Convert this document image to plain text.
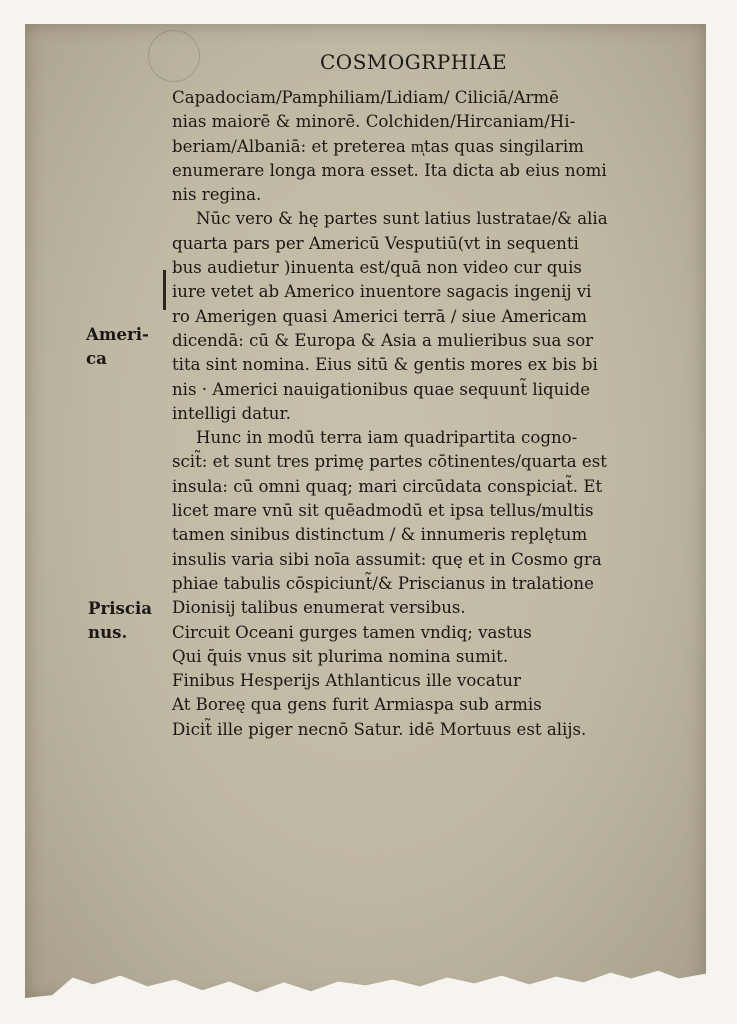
COSMOGRPHIAE
Ameri-
ca
Priscia
nus.
Capadociam/Pamphiliam/Lidiam/ Ciliciā/Armē
nias maiorē & minorē. Colchiden/Hircaniam/Hi-
beriam/Albaniā: et preterea mͅtas quas singilarim
enumerare longa mora esset. Ita dicta ab eius nomi
nis regina.
Nūc vero & hę partes sunt latius lustratae/& alia
quarta pars per Americū Vesputiū(vt in sequenti
bus audietur )inuenta est/quā non video cur quis
iure vetet ab Americo inuentore sagacis ingenij vi
ro Amerigen quasi Americi terrā / siue Americam
dicendā: cū & Europa & Asia a mulieribus sua sor
tita sint nomina. Eius sitū & gentis mores ex bis bi
nis · Americi nauigationibus quae sequunt̃ liquide
intelligi datur.
Hunc in modū terra iam quadripartita cogno-
scit̃: et sunt tres primę partes cōtinentes/quarta est
insula: cū omni quaq; mari circūdata conspiciat̃. Et
licet mare vnū sit quēadmodū et ipsa tellus/multis
tamen sinibus distinctum / & innumeris replętum
insulis varia sibi noīa assumit: quę et in Cosmo gra
phiae tabulis cōspiciunt̃/& Priscianus in tralatione
Dionisij talibus enumerat versibus.
Circuit Oceani gurges tamen vndiq; vastus
Qui q̄uis vnus sit plurima nomina sumit.
Finibus Hesperijs Athlanticus ille vocatur
At Boreę qua gens furit Armiaspa sub armis
Dicit̃ ille piger necnō Satur. idē Mortuus est alijs.
